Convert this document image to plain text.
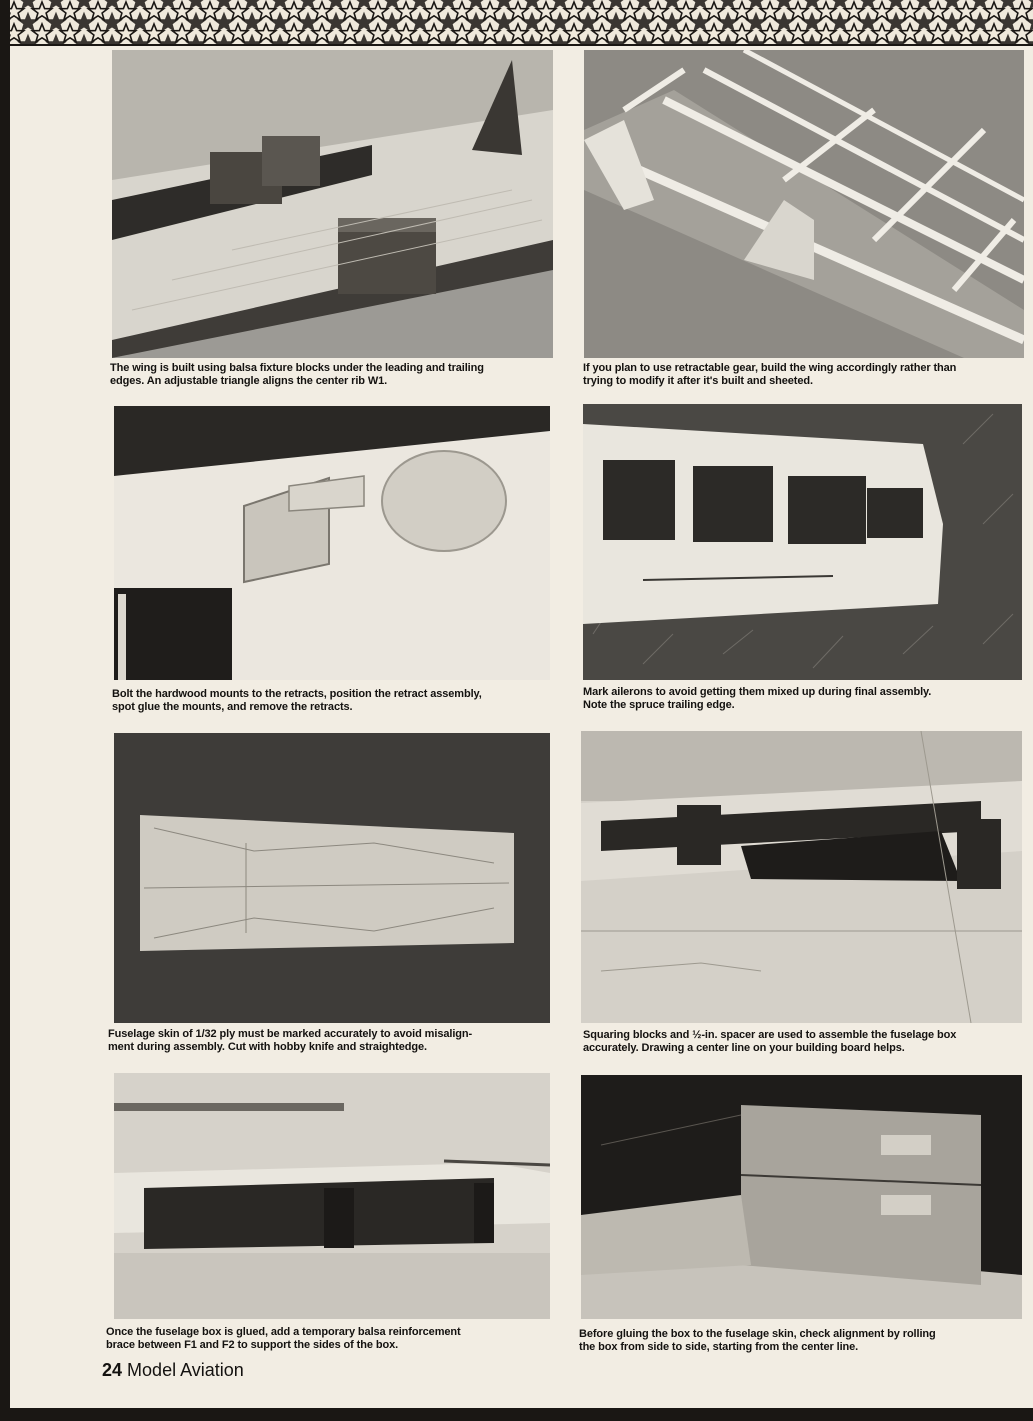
The wing is built using balsa fixture blocks under the leading and trailing
edges. An adjustable triangle aligns the center rib W1.
If you plan to use retractable gear, build the wing accordingly rather than
trying to modify it after it's built and sheeted.
Bolt the hardwood mounts to the retracts, position the retract assembly,
spot glue the mounts, and remove the retracts.
Mark ailerons to avoid getting them mixed up during final assembly.
Note the spruce trailing edge.
Fuselage skin of 1/32 ply must be marked accurately to avoid misalign-
ment during assembly. Cut with hobby knife and straightedge.
Squaring blocks and ½-in. spacer are used to assemble the fuselage box
accurately. Drawing a center line on your building board helps.
Once the fuselage box is glued, add a temporary balsa reinforcement
brace between F1 and F2 to support the sides of the box.
Before gluing the box to the fuselage skin, check alignment by rolling
the box from side to side, starting from the center line.
24 Model Aviation
